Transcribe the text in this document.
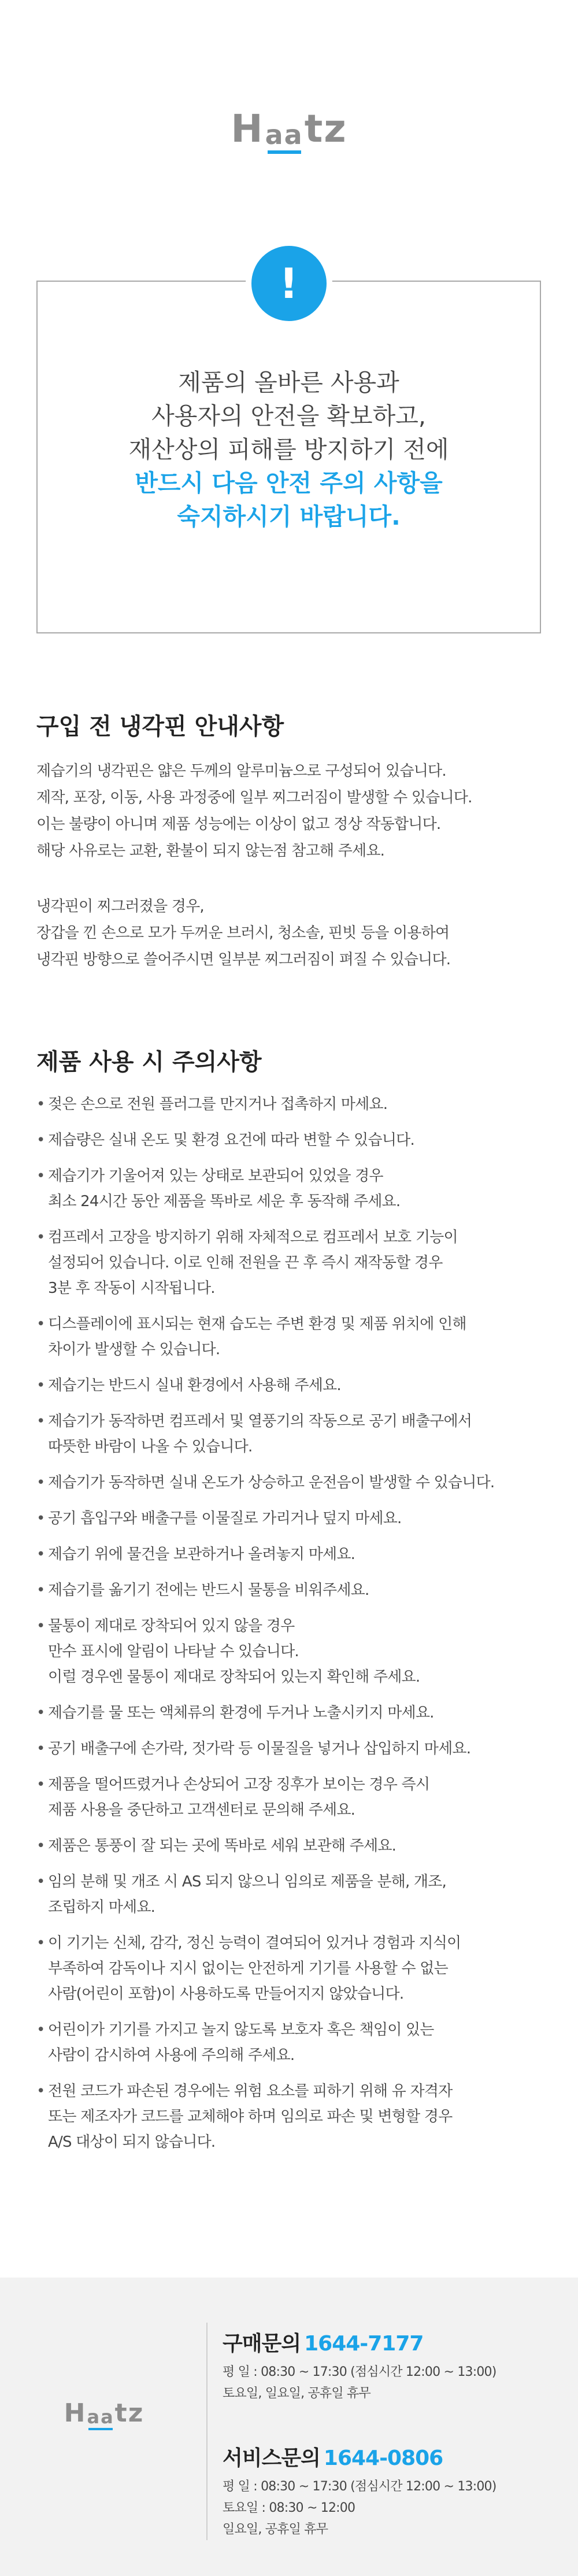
Haa
tz
!
제품의 올바른 사용과
사용자의 안전을 확보하고,
재산상의 피해를 방지하기 전에
반드시 다음 안전 주의 사항을
숙지하시기 바랍니다.
구입 전 냉각핀 안내사항

제습기의 냉각핀은 얇은 두께의 알루미늄으로 구성되어 있습니다.

제작, 포장, 이동, 사용 과정중에 일부 찌그러짐이 발생할 수 있습니다.

이는 불량이 아니며 제품 성능에는 이상이 없고 정상 작동합니다.

해당 사유로는 교환, 환불이 되지 않는점 참고해 주세요.

냉각핀이 찌그러졌을 경우,

장갑을 낀 손으로 모가 두꺼운 브러시, 청소솔, 핀빗 등을 이용하여

냉각핀 방향으로 쓸어주시면 일부분 찌그러짐이 펴질 수 있습니다.

제품 사용 시 주의사항
• 젖은 손으로 전원 플러그를 만지거나 접촉하지 마세요.
• 제습량은 실내 온도 및 환경 요건에 따라 변할 수 있습니다.
• 제습기가 기울어져 있는 상태로 보관되어 있었을 경우
최소 24시간 동안 제품을 똑바로 세운 후 동작해 주세요.
• 컴프레서 고장을 방지하기 위해 자체적으로 컴프레서 보호 기능이
설정되어 있습니다. 이로 인해 전원을 끈 후 즉시 재작동할 경우
3분 후 작동이 시작됩니다.
• 디스플레이에 표시되는 현재 습도는 주변 환경 및 제품 위치에 인해
차이가 발생할 수 있습니다.
• 제습기는 반드시 실내 환경에서 사용해 주세요.
• 제습기가 동작하면 컴프레서 및 열풍기의 작동으로 공기 배출구에서
따뜻한 바람이 나올 수 있습니다.
• 제습기가 동작하면 실내 온도가 상승하고 운전음이 발생할 수 있습니다.
• 공기 흡입구와 배출구를 이물질로 가리거나 덮지 마세요.
• 제습기 위에 물건을 보관하거나 올려놓지 마세요.
• 제습기를 옮기기 전에는 반드시 물통을 비워주세요.
• 물통이 제대로 장착되어 있지 않을 경우
만수 표시에 알림이 나타날 수 있습니다.
이럴 경우엔 물통이 제대로 장착되어 있는지 확인해 주세요.
• 제습기를 물 또는 액체류의 환경에 두거나 노출시키지 마세요.
• 공기 배출구에 손가락, 젓가락 등 이물질을 넣거나 삽입하지 마세요.
• 제품을 떨어뜨렸거나 손상되어 고장 징후가 보이는 경우 즉시
제품 사용을 중단하고 고객센터로 문의해 주세요.
• 제품은 통풍이 잘 되는 곳에 똑바로 세워 보관해 주세요.
• 임의 분해 및 개조 시 AS 되지 않으니 임의로 제품을 분해, 개조,
조립하지 마세요.
• 이 기기는 신체, 감각, 정신 능력이 결여되어 있거나 경험과 지식이
부족하여 감독이나 지시 없이는 안전하게 기기를 사용할 수 없는
사람(어린이 포함)이 사용하도록 만들어지지 않았습니다.
• 어린이가 기기를 가지고 놀지 않도록 보호자 혹은 책임이 있는
사람이 감시하여 사용에 주의해 주세요.
• 전원 코드가 파손된 경우에는 위험 요소를 피하기 위해 유 자격자
또는 제조자가 코드를 교체해야 하며 임의로 파손 및 변형할 경우
A/S 대상이 되지 않습니다.
Haa
tz
구매문의 1644-7177
평 일 : 08:30 ~ 17:30 (점심시간 12:00 ~ 13:00)
토요일, 일요일, 공휴일 휴무
서비스문의 1644-0806
평 일 : 08:30 ~ 17:30 (점심시간 12:00 ~ 13:00)
토요일 : 08:30 ~ 12:00
일요일, 공휴일 휴무
